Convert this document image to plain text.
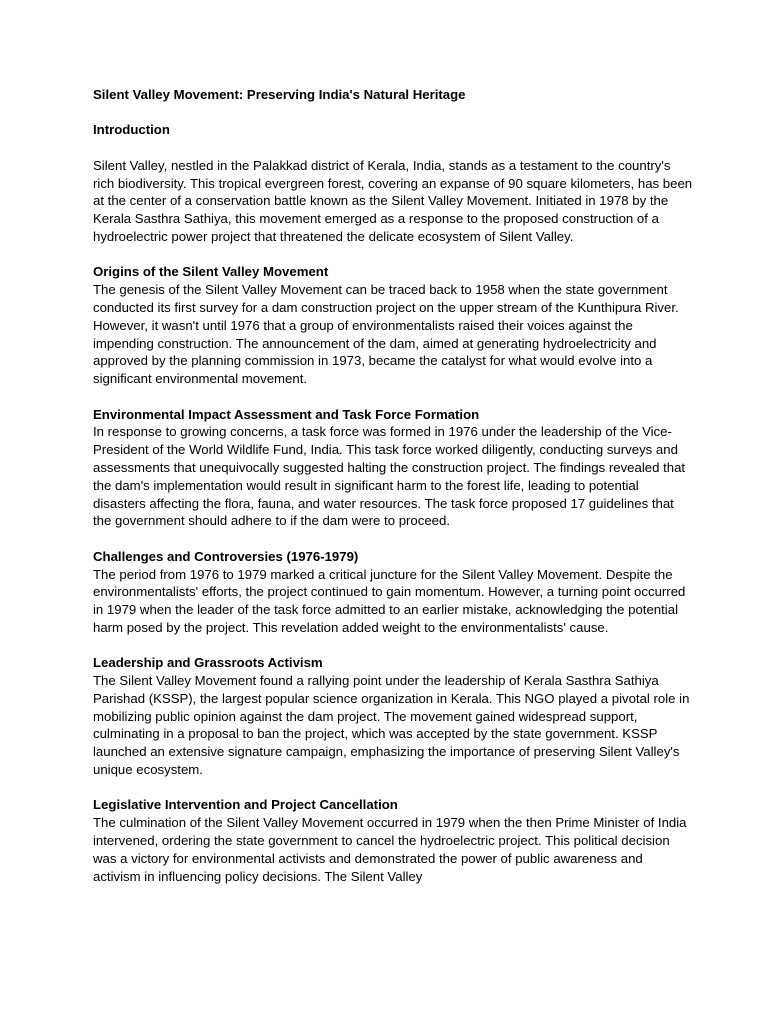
Silent Valley Movement: Preserving India's Natural Heritage

Introduction

Silent Valley, nestled in the Palakkad district of Kerala, India, stands as a testament to the country's rich biodiversity. This tropical evergreen forest, covering an expanse of 90 square kilometers, has been at the center of a conservation battle known as the Silent Valley Movement. Initiated in 1978 by the Kerala Sasthra Sathiya, this movement emerged as a response to the proposed construction of a hydroelectric power project that threatened the delicate ecosystem of Silent Valley.

Origins of the Silent Valley Movement

The genesis of the Silent Valley Movement can be traced back to 1958 when the state government conducted its first survey for a dam construction project on the upper stream of the Kunthipura River. However, it wasn't until 1976 that a group of environmentalists raised their voices against the impending construction. The announcement of the dam, aimed at generating hydroelectricity and approved by the planning commission in 1973, became the catalyst for what would evolve into a significant environmental movement.

Environmental Impact Assessment and Task Force Formation

In response to growing concerns, a task force was formed in 1976 under the leadership of the Vice-President of the World Wildlife Fund, India. This task force worked diligently, conducting surveys and assessments that unequivocally suggested halting the construction project. The findings revealed that the dam's implementation would result in significant harm to the forest life, leading to potential disasters affecting the flora, fauna, and water resources. The task force proposed 17 guidelines that the government should adhere to if the dam were to proceed.

Challenges and Controversies (1976-1979)

The period from 1976 to 1979 marked a critical juncture for the Silent Valley Movement. Despite the environmentalists' efforts, the project continued to gain momentum. However, a turning point occurred in 1979 when the leader of the task force admitted to an earlier mistake, acknowledging the potential harm posed by the project. This revelation added weight to the environmentalists' cause.

Leadership and Grassroots Activism

The Silent Valley Movement found a rallying point under the leadership of Kerala Sasthra Sathiya Parishad (KSSP), the largest popular science organization in Kerala. This NGO played a pivotal role in mobilizing public opinion against the dam project. The movement gained widespread support, culminating in a proposal to ban the project, which was accepted by the state government. KSSP launched an extensive signature campaign, emphasizing the importance of preserving Silent Valley's unique ecosystem.

Legislative Intervention and Project Cancellation

The culmination of the Silent Valley Movement occurred in 1979 when the then Prime Minister of India intervened, ordering the state government to cancel the hydroelectric project. This political decision was a victory for environmental activists and demonstrated the power of public awareness and activism in influencing policy decisions. The Silent Valley
